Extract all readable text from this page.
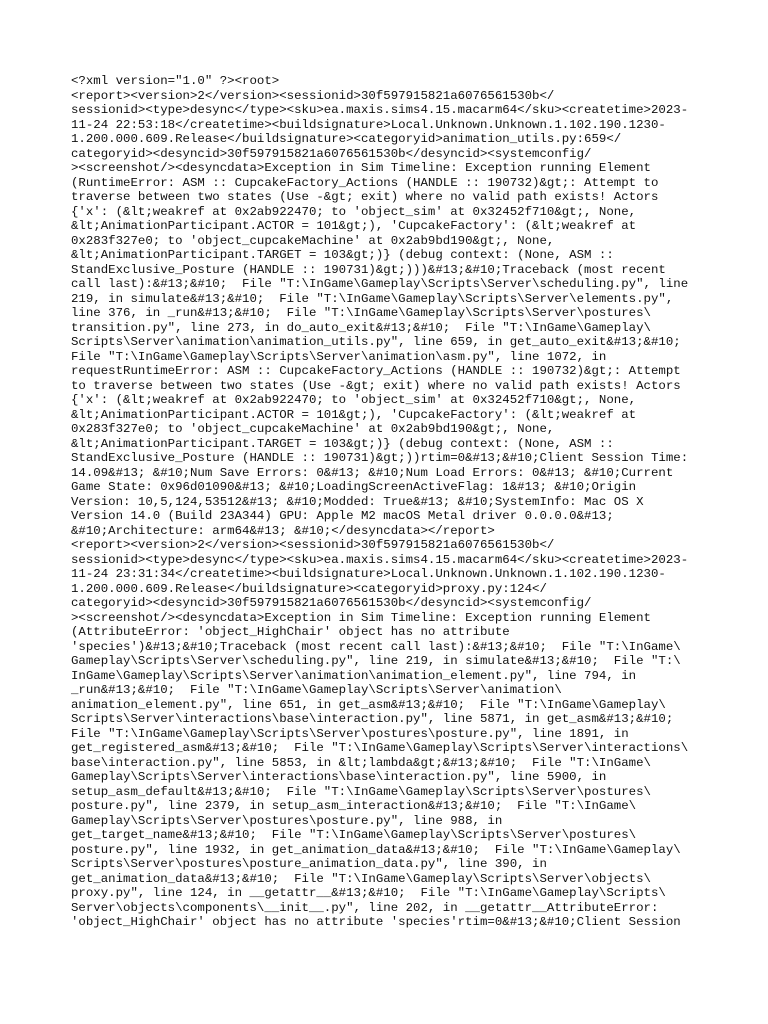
<?xml version="1.0" ?><root>
<report><version>2</version><sessionid>30f597915821a6076561530b</
sessionid><type>desync</type><sku>ea.maxis.sims4.15.macarm64</sku><createtime>2023-
11-24 22:53:18</createtime><buildsignature>Local.Unknown.Unknown.1.102.190.1230-
1.200.000.609.Release</buildsignature><categoryid>animation_utils.py:659</
categoryid><desyncid>30f597915821a6076561530b</desyncid><systemconfig/
><screenshot/><desyncdata>Exception in Sim Timeline: Exception running Element
(RuntimeError: ASM :: CupcakeFactory_Actions (HANDLE :: 190732)&gt;: Attempt to
traverse between two states (Use -&gt; exit) where no valid path exists! Actors
{'x': (&lt;weakref at 0x2ab922470; to 'object_sim' at 0x32452f710&gt;, None,
&lt;AnimationParticipant.ACTOR = 101&gt;), 'CupcakeFactory': (&lt;weakref at
0x283f327e0; to 'object_cupcakeMachine' at 0x2ab9bd190&gt;, None,
&lt;AnimationParticipant.TARGET = 103&gt;)} (debug context: (None, ASM ::
StandExclusive_Posture (HANDLE :: 190731)&gt;)))&#13;&#10;Traceback (most recent
call last):&#13;&#10;  File "T:\InGame\Gameplay\Scripts\Server\scheduling.py", line
219, in simulate&#13;&#10;  File "T:\InGame\Gameplay\Scripts\Server\elements.py",
line 376, in _run&#13;&#10;  File "T:\InGame\Gameplay\Scripts\Server\postures\
transition.py", line 273, in do_auto_exit&#13;&#10;  File "T:\InGame\Gameplay\
Scripts\Server\animation\animation_utils.py", line 659, in get_auto_exit&#13;&#10;
File "T:\InGame\Gameplay\Scripts\Server\animation\asm.py", line 1072, in
requestRuntimeError: ASM :: CupcakeFactory_Actions (HANDLE :: 190732)&gt;: Attempt
to traverse between two states (Use -&gt; exit) where no valid path exists! Actors
{'x': (&lt;weakref at 0x2ab922470; to 'object_sim' at 0x32452f710&gt;, None,
&lt;AnimationParticipant.ACTOR = 101&gt;), 'CupcakeFactory': (&lt;weakref at
0x283f327e0; to 'object_cupcakeMachine' at 0x2ab9bd190&gt;, None,
&lt;AnimationParticipant.TARGET = 103&gt;)} (debug context: (None, ASM ::
StandExclusive_Posture (HANDLE :: 190731)&gt;))rtim=0&#13;&#10;Client Session Time:
14.09&#13; &#10;Num Save Errors: 0&#13; &#10;Num Load Errors: 0&#13; &#10;Current
Game State: 0x96d01090&#13; &#10;LoadingScreenActiveFlag: 1&#13; &#10;Origin
Version: 10,5,124,53512&#13; &#10;Modded: True&#13; &#10;SystemInfo: Mac OS X
Version 14.0 (Build 23A344) GPU: Apple M2 macOS Metal driver 0.0.0.0&#13;
&#10;Architecture: arm64&#13; &#10;</desyncdata></report>
<report><version>2</version><sessionid>30f597915821a6076561530b</
sessionid><type>desync</type><sku>ea.maxis.sims4.15.macarm64</sku><createtime>2023-
11-24 23:31:34</createtime><buildsignature>Local.Unknown.Unknown.1.102.190.1230-
1.200.000.609.Release</buildsignature><categoryid>proxy.py:124</
categoryid><desyncid>30f597915821a6076561530b</desyncid><systemconfig/
><screenshot/><desyncdata>Exception in Sim Timeline: Exception running Element
(AttributeError: 'object_HighChair' object has no attribute
'species')&#13;&#10;Traceback (most recent call last):&#13;&#10;  File "T:\InGame\
Gameplay\Scripts\Server\scheduling.py", line 219, in simulate&#13;&#10;  File "T:\
InGame\Gameplay\Scripts\Server\animation\animation_element.py", line 794, in
_run&#13;&#10;  File "T:\InGame\Gameplay\Scripts\Server\animation\
animation_element.py", line 651, in get_asm&#13;&#10;  File "T:\InGame\Gameplay\
Scripts\Server\interactions\base\interaction.py", line 5871, in get_asm&#13;&#10;
File "T:\InGame\Gameplay\Scripts\Server\postures\posture.py", line 1891, in
get_registered_asm&#13;&#10;  File "T:\InGame\Gameplay\Scripts\Server\interactions\
base\interaction.py", line 5853, in &lt;lambda&gt;&#13;&#10;  File "T:\InGame\
Gameplay\Scripts\Server\interactions\base\interaction.py", line 5900, in
setup_asm_default&#13;&#10;  File "T:\InGame\Gameplay\Scripts\Server\postures\
posture.py", line 2379, in setup_asm_interaction&#13;&#10;  File "T:\InGame\
Gameplay\Scripts\Server\postures\posture.py", line 988, in
get_target_name&#13;&#10;  File "T:\InGame\Gameplay\Scripts\Server\postures\
posture.py", line 1932, in get_animation_data&#13;&#10;  File "T:\InGame\Gameplay\
Scripts\Server\postures\posture_animation_data.py", line 390, in
get_animation_data&#13;&#10;  File "T:\InGame\Gameplay\Scripts\Server\objects\
proxy.py", line 124, in __getattr__&#13;&#10;  File "T:\InGame\Gameplay\Scripts\
Server\objects\components\__init__.py", line 202, in __getattr__AttributeError:
'object_HighChair' object has no attribute 'species'rtim=0&#13;&#10;Client Session
